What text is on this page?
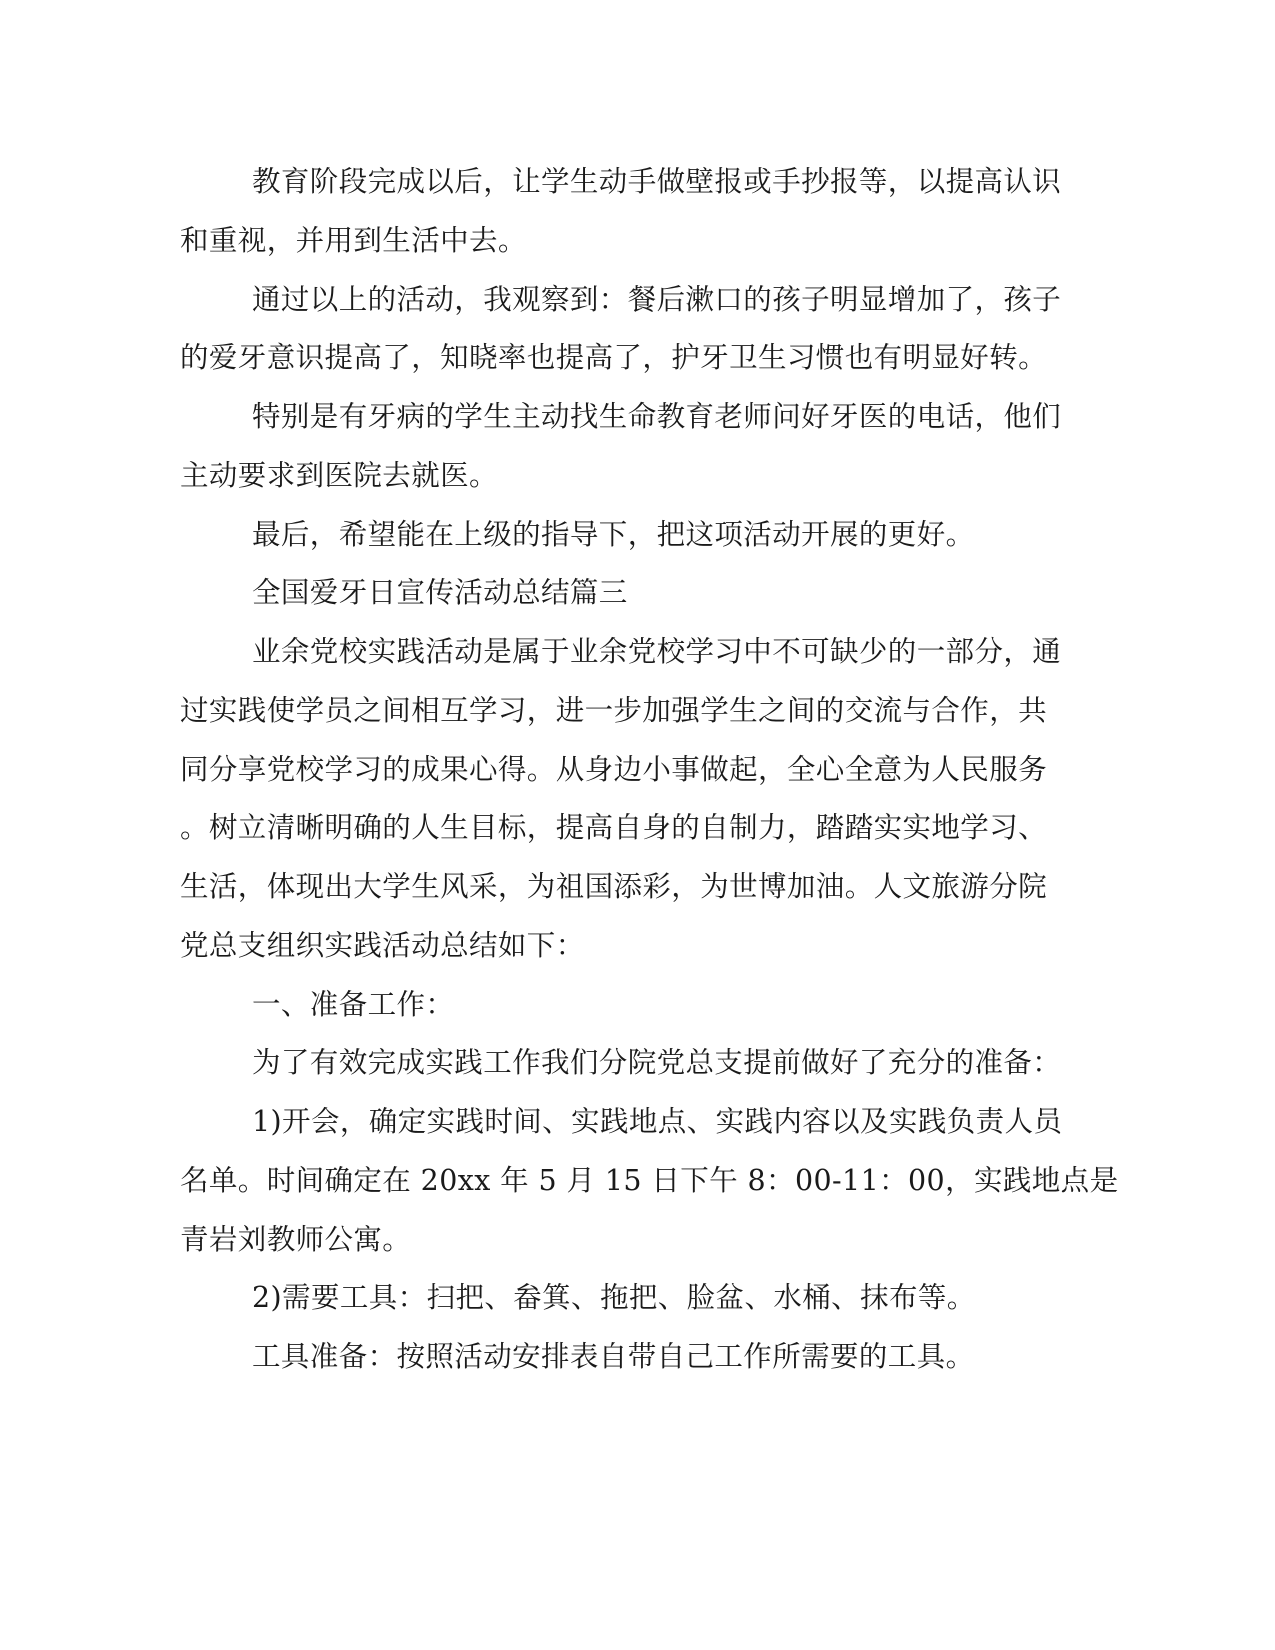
教育阶段完成以后，让学生动手做壁报或手抄报等，以提高认识
和重视，并用到生活中去。
通过以上的活动，我观察到：餐后漱口的孩子明显增加了，孩子
的爱牙意识提高了，知晓率也提高了，护牙卫生习惯也有明显好转。
特别是有牙病的学生主动找生命教育老师问好牙医的电话，他们
主动要求到医院去就医。
最后，希望能在上级的指导下，把这项活动开展的更好。
全国爱牙日宣传活动总结篇三
业余党校实践活动是属于业余党校学习中不可缺少的一部分，通
过实践使学员之间相互学习，进一步加强学生之间的交流与合作，共
同分享党校学习的成果心得。从身边小事做起，全心全意为人民服务
。树立清晰明确的人生目标，提高自身的自制力，踏踏实实地学习、
生活，体现出大学生风采，为祖国添彩，为世博加油。人文旅游分院
党总支组织实践活动总结如下：
一、准备工作：
为了有效完成实践工作我们分院党总支提前做好了充分的准备：
1)开会，确定实践时间、实践地点、实践内容以及实践负责人员
名单。时间确定在 20xx 年 5 月 15 日下午 8：00-11：00，实践地点是
青岩刘教师公寓。
2)需要工具：扫把、畚箕、拖把、脸盆、水桶、抹布等。
工具准备：按照活动安排表自带自己工作所需要的工具。
